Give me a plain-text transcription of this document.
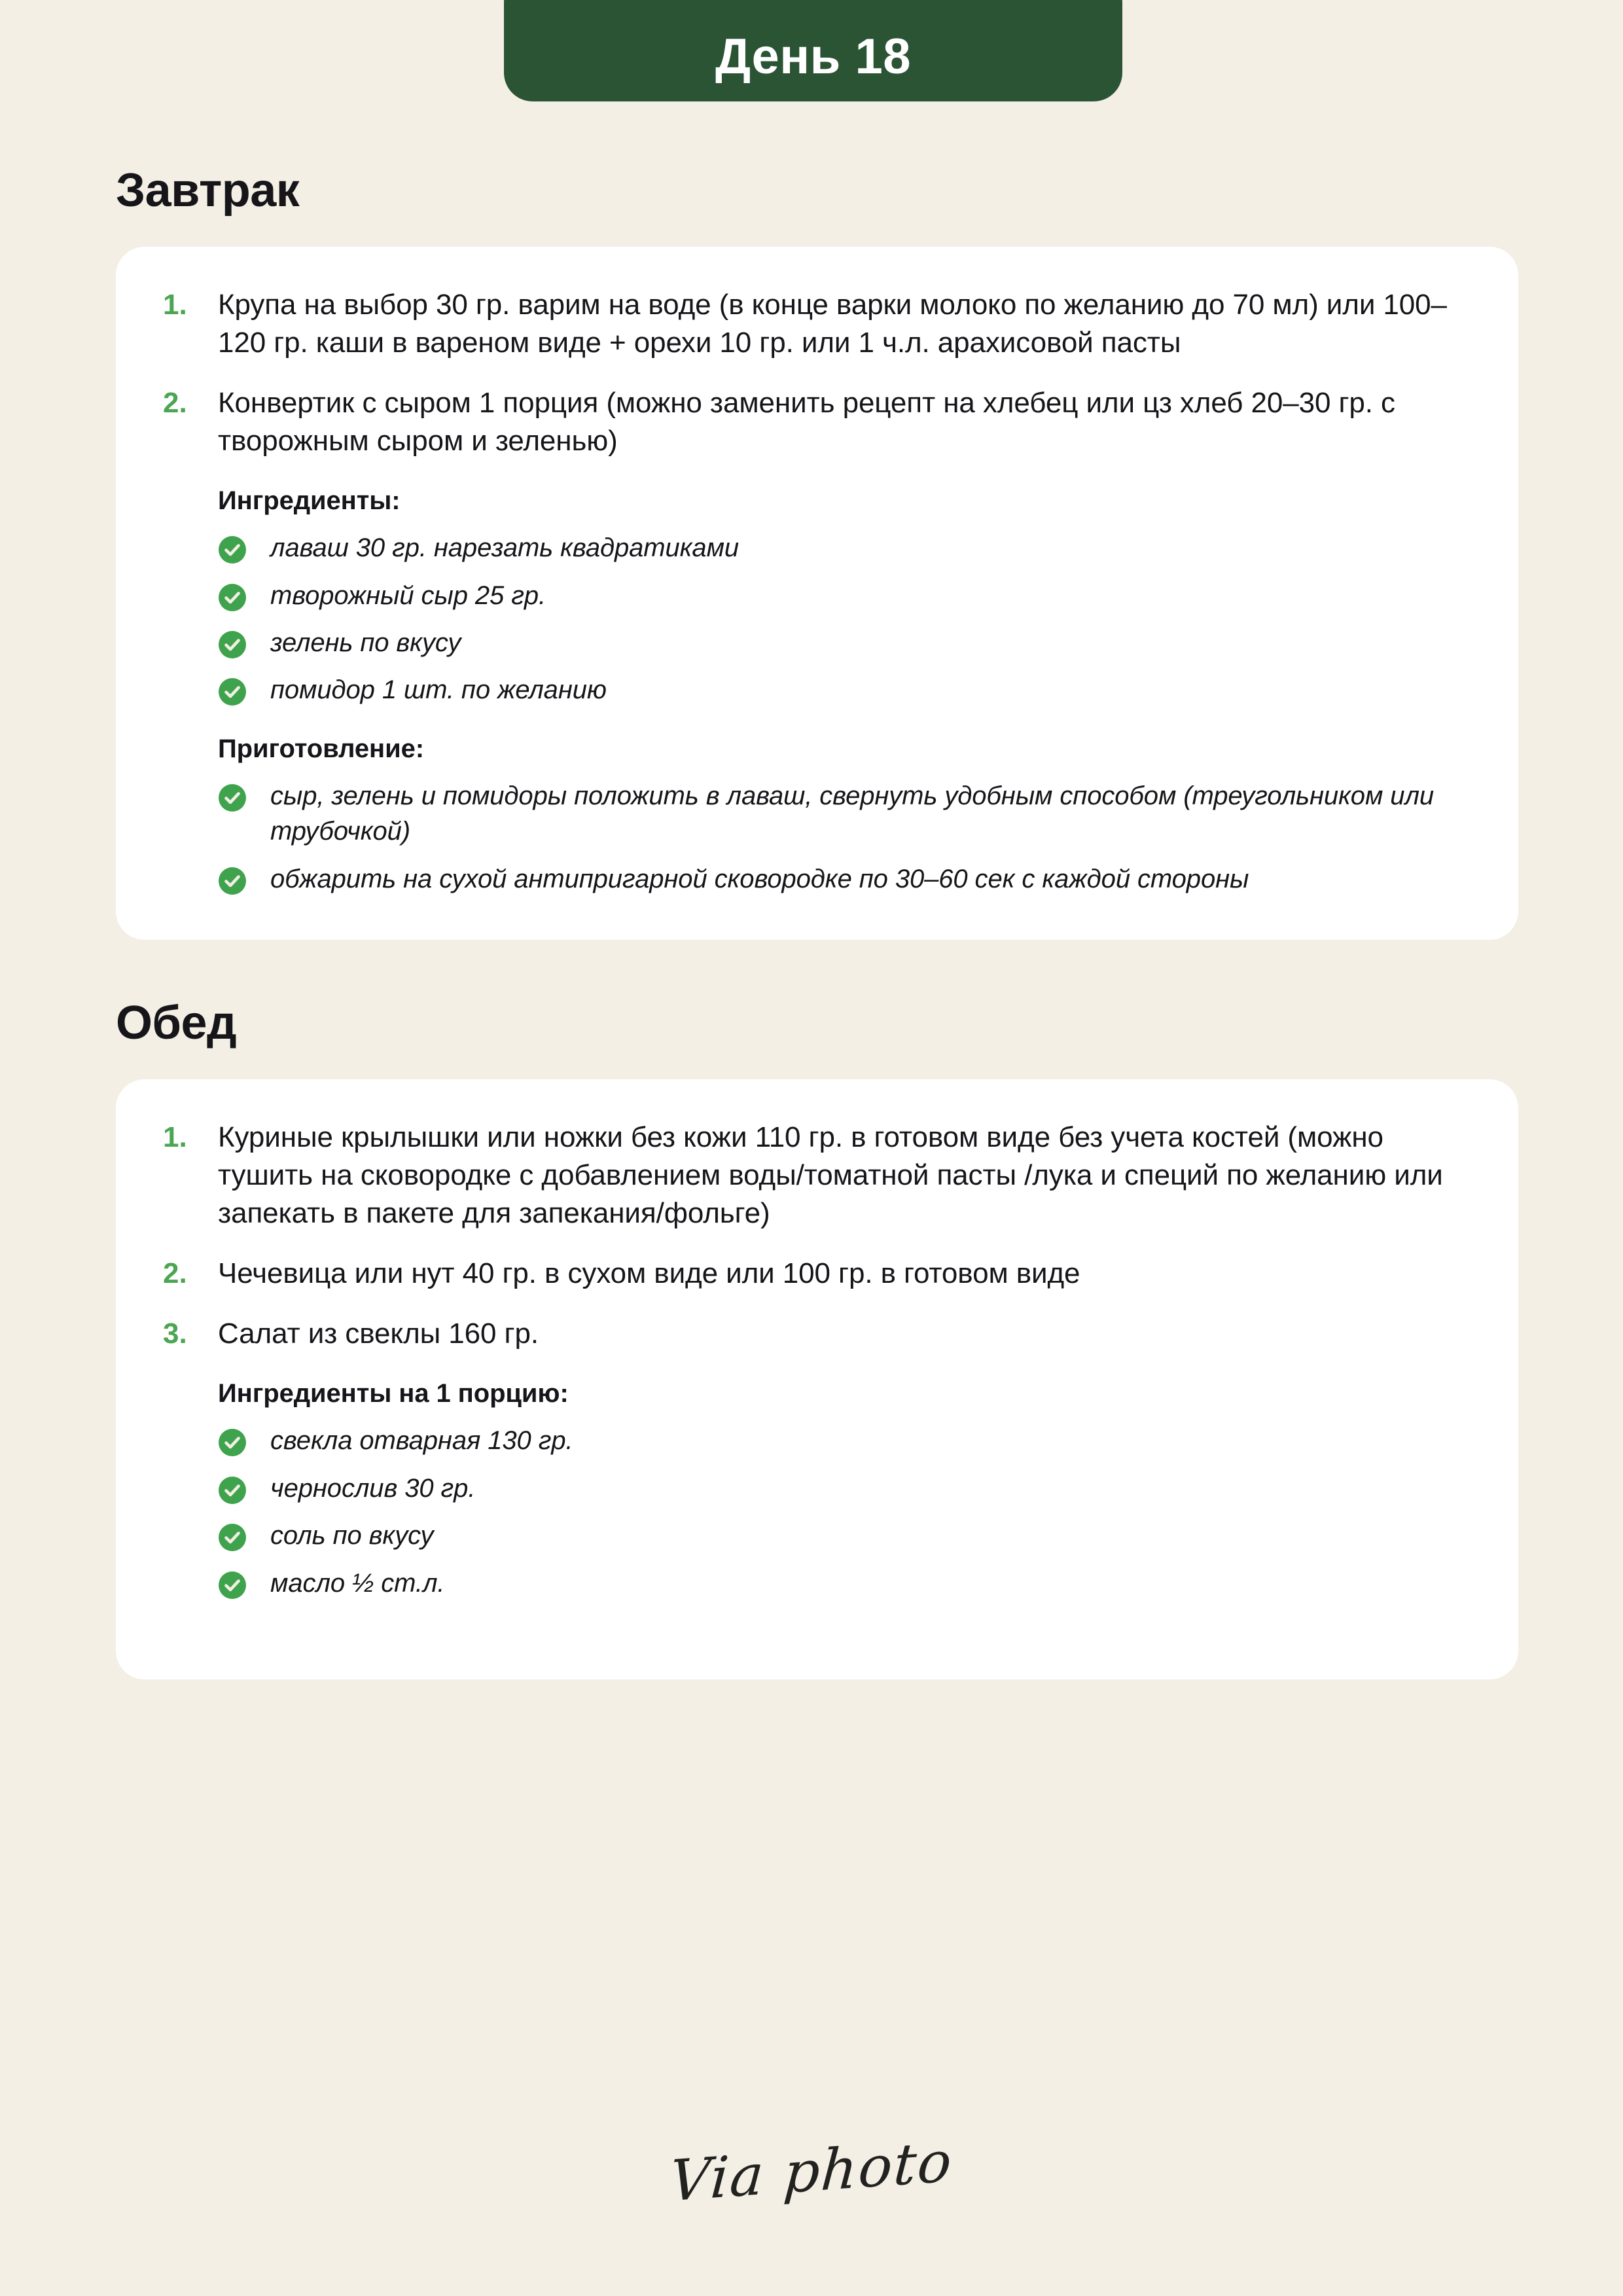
День 18
Завтрак
1.	Крупа на выбор 30 гр. варим на воде (в конце варки молоко по желанию до 70 мл) или 100–120 гр. каши в вареном виде + орехи 10 гр. или 1 ч.л. арахисовой пасты
2.	Конвертик с сыром 1 порция (можно заменить рецепт на хлебец или цз хлеб 20–30 гр. с творожным сыром и зеленью)
Ингредиенты:
лаваш 30 гр. нарезать квадратиками
творожный сыр 25 гр.
зелень по вкусу
помидор 1 шт. по желанию
Приготовление:
сыр, зелень и помидоры положить в лаваш, свернуть удобным способом (треугольником или трубочкой)
обжарить на сухой антипригарной сковородке по 30–60 сек с каждой стороны
Обед
1.	Куриные крылышки или ножки без кожи 110 гр. в готовом виде без учета костей (можно тушить на сковородке с добавлением воды/томатной пасты /лука и специй по желанию или запекать в пакете для запекания/фольге)
2.	Чечевица или нут 40 гр. в сухом виде или 100 гр. в готовом виде
3.	Салат из свеклы 160 гр.
Ингредиенты на 1 порцию:
свекла отварная 130 гр.
чернослив 30 гр.
соль по вкусу
масло ½ ст.л.
Via photo
